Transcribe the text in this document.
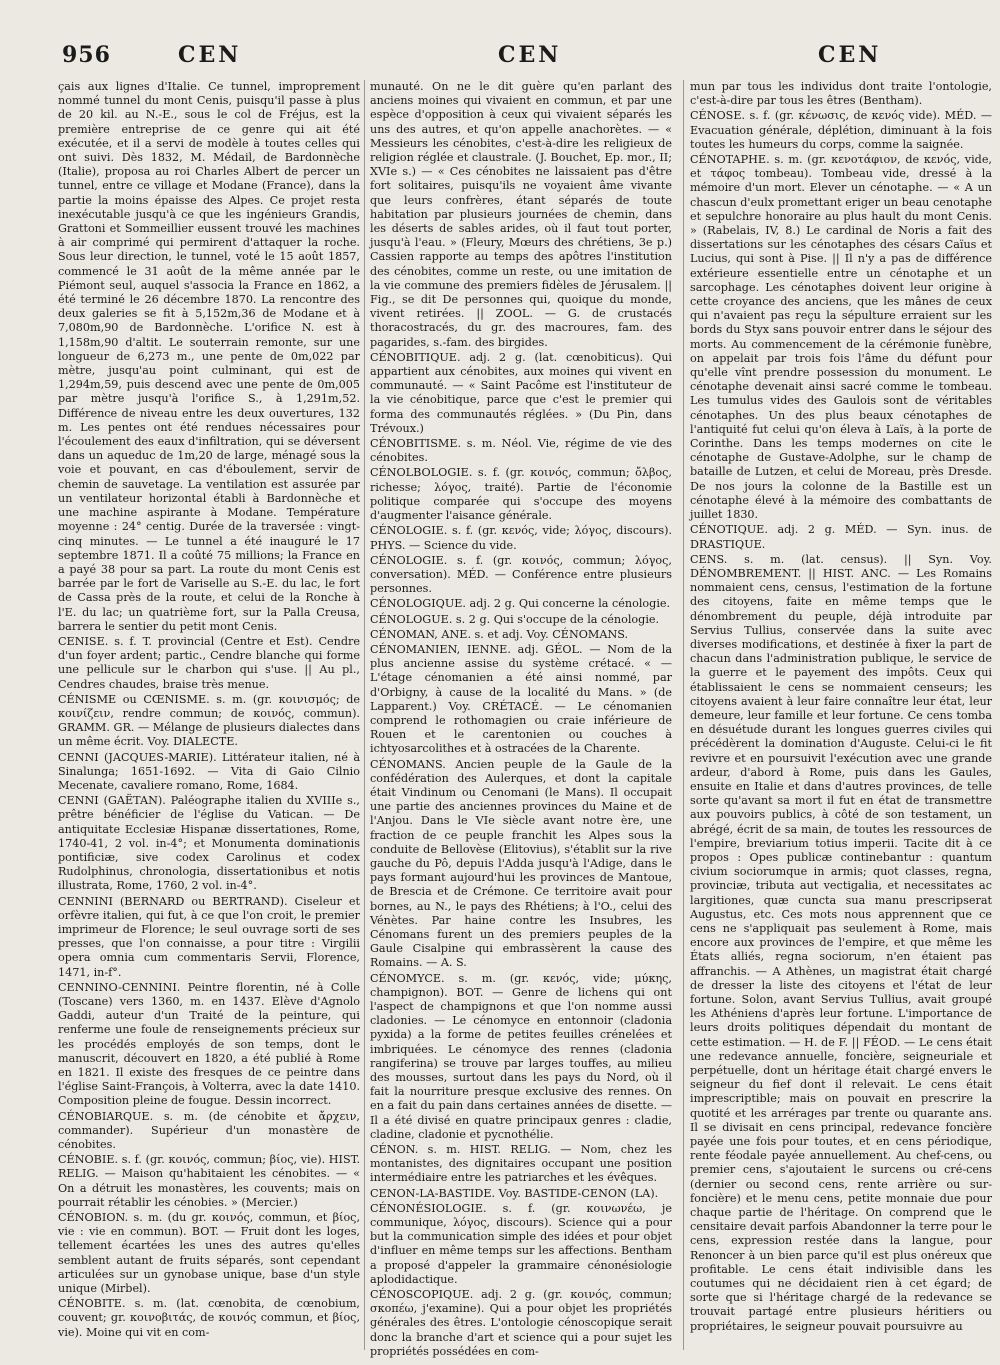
956	CEN	CEN	CEN

çais aux lignes d'Italie. Ce tunnel, improprement nommé tunnel du mont Cenis, puisqu'il passe à plus de 20 kil. au N.-E., sous le col de Fréjus, est la première entreprise de ce genre qui ait été exécutée, et il a servi de modèle à toutes celles qui ont suivi. Dès 1832, M. Médail, de Bardonnèche (Italie), proposa au roi Charles Albert de percer un tunnel, entre ce village et Modane (France), dans la partie la moins épaisse des Alpes. Ce projet resta inexécutable jusqu'à ce que les ingénieurs Grandis, Grattoni et Sommeillier eussent trouvé les machines à air comprimé qui permirent d'attaquer la roche. Sous leur direction, le tunnel, voté le 15 août 1857, commencé le 31 août de la même année par le Piémont seul, auquel s'associa la France en 1862, a été terminé le 26 décembre 1870. La rencontre des deux galeries se fit à 5,152m,36 de Modane et à 7,080m,90 de Bardonnèche. L'orifice N. est à 1,158m,90 d'altit. Le souterrain remonte, sur une longueur de 6,273 m., une pente de 0m,022 par mètre, jusqu'au point culminant, qui est de 1,294m,59, puis descend avec une pente de 0m,005 par mètre jusqu'à l'orifice S., à 1,291m,52. Différence de niveau entre les deux ouvertures, 132 m. Les pentes ont été rendues nécessaires pour l'écoulement des eaux d'infiltration, qui se déversent dans un aqueduc de 1m,20 de large, ménagé sous la voie et pouvant, en cas d'éboulement, servir de chemin de sauvetage. La ventilation est assurée par un ventilateur horizontal établi à Bardonnèche et une machine aspirante à Modane. Température moyenne : 24° centig. Durée de la traversée : vingt-cinq minutes. — Le tunnel a été inauguré le 17 septembre 1871. Il a coûté 75 millions; la France en a payé 38 pour sa part. La route du mont Cenis est barrée par le fort de Variselle au S.-E. du lac, le fort de Cassa près de la route, et celui de la Ronche à l'E. du lac; un quatrième fort, sur la Palla Creusa, barrera le sentier du petit mont Cenis.

CENISE. s. f. T. provincial (Centre et Est). Cendre d'un foyer ardent; partic., Cendre blanche qui forme une pellicule sur le charbon qui s'use. || Au pl., Cendres chaudes, braise très menue.

CÉNISME ou CŒNISME. s. m. (gr. κοινισμός; de κοινίζειν, rendre commun; de κοινός, commun). GRAMM. GR. — Mélange de plusieurs dialectes dans un même écrit. Voy. DIALECTE.

CENNI (JACQUES-MARIE). Littérateur italien, né à Sinalunga; 1651-1692. — Vita di Gaio Cilnio Mecenate, cavaliere romano, Rome, 1684.

CENNI (GAËTAN). Paléographe italien du XVIIIe s., prêtre bénéficier de l'église du Vatican. — De antiquitate Ecclesiæ Hispanæ dissertationes, Rome, 1740-41, 2 vol. in-4°; et Monumenta dominationis pontificiæ, sive codex Carolinus et codex Rudolphinus, chronologia, dissertationibus et notis illustrata, Rome, 1760, 2 vol. in-4°.

CENNINI (BERNARD ou BERTRAND). Ciseleur et orfèvre italien, qui fut, à ce que l'on croit, le premier imprimeur de Florence; le seul ouvrage sorti de ses presses, que l'on connaisse, a pour titre : Virgilii opera omnia cum commentaris Servii, Florence, 1471, in-f°.

CENNINO-CENNINI. Peintre florentin, né à Colle (Toscane) vers 1360, m. en 1437. Elève d'Agnolo Gaddi, auteur d'un Traité de la peinture, qui renferme une foule de renseignements précieux sur les procédés employés de son temps, dont le manuscrit, découvert en 1820, a été publié à Rome en 1821. Il existe des fresques de ce peintre dans l'église Saint-François, à Volterra, avec la date 1410. Composition pleine de fougue. Dessin incorrect.

CÉNOBIARQUE. s. m. (de cénobite et ἄρχειν, commander). Supérieur d'un monastère de cénobites.

CÉNOBIE. s. f. (gr. κοινός, commun; βίος, vie). HIST. RELIG. — Maison qu'habitaient les cénobites. — « On a détruit les monastères, les couvents; mais on pourrait rétablir les cénobies. » (Mercier.)

CÉNOBION. s. m. (du gr. κοινός, commun, et βίος, vie : vie en commun). BOT. — Fruit dont les loges, tellement écartées les unes des autres qu'elles semblent autant de fruits séparés, sont cependant articulées sur un gynobase unique, base d'un style unique (Mirbel).

CÉNOBITE. s. m. (lat. cœnobita, de cœnobium, couvent; gr. κοινοβιτάς, de κοινός commun, et βίος, vie). Moine qui vit en com-

munauté. On ne le dit guère qu'en parlant des anciens moines qui vivaient en commun, et par une espèce d'opposition à ceux qui vivaient séparés les uns des autres, et qu'on appelle anachorètes. — « Messieurs les cénobites, c'est-à-dire les religieux de religion réglée et claustrale. (J. Bouchet, Ep. mor., II; XVIe s.) — « Ces cénobites ne laissaient pas d'être fort solitaires, puisqu'ils ne voyaient âme vivante que leurs confrères, étant séparés de toute habitation par plusieurs journées de chemin, dans les déserts de sables arides, où il faut tout porter, jusqu'à l'eau. » (Fleury, Mœurs des chrétiens, 3e p.) Cassien rapporte au temps des apôtres l'institution des cénobites, comme un reste, ou une imitation de la vie commune des premiers fidèles de Jérusalem. || Fig., se dit De personnes qui, quoique du monde, vivent retirées. || ZOOL. — G. de crustacés thoracostracés, du gr. des macroures, fam. des pagarides, s.-fam. des birgides.

CÉNOBITIQUE. adj. 2 g. (lat. cœnobiticus). Qui appartient aux cénobites, aux moines qui vivent en communauté. — « Saint Pacôme est l'instituteur de la vie cénobitique, parce que c'est le premier qui forma des communautés réglées. » (Du Pin, dans Trévoux.)

CÉNOBITISME. s. m. Néol. Vie, régime de vie des cénobites.

CÉNOLBOLOGIE. s. f. (gr. κοινός, commun; ὄλβος, richesse; λόγος, traité). Partie de l'économie politique comparée qui s'occupe des moyens d'augmenter l'aisance générale.

CÉNOLOGIE. s. f. (gr. κενός, vide; λόγος, discours). PHYS. — Science du vide.

CÉNOLOGIE. s. f. (gr. κοινός, commun; λόγος, conversation). MÉD. — Conférence entre plusieurs personnes.

CÉNOLOGIQUE. adj. 2 g. Qui concerne la cénologie.

CÉNOLOGUE. s. 2 g. Qui s'occupe de la cénologie.

CÉNOMAN, ANE. s. et adj. Voy. CÉNOMANS.

CÉNOMANIEN, IENNE. adj. GÉOL. — Nom de la plus ancienne assise du système crétacé. « — L'étage cénomanien a été ainsi nommé, par d'Orbigny, à cause de la localité du Mans. » (de Lapparent.) Voy. CRÉTACÉ. — Le cénomanien comprend le rothomagien ou craie inférieure de Rouen et le carentonien ou couches à ichtyosarcolithes et à ostracées de la Charente.

CÉNOMANS. Ancien peuple de la Gaule de la confédération des Aulerques, et dont la capitale était Vindinum ou Cenomani (le Mans). Il occupait une partie des anciennes provinces du Maine et de l'Anjou. Dans le VIe siècle avant notre ère, une fraction de ce peuple franchit les Alpes sous la conduite de Bellovèse (Elitovius), s'établit sur la rive gauche du Pô, depuis l'Adda jusqu'à l'Adige, dans le pays formant aujourd'hui les provinces de Mantoue, de Brescia et de Crémone. Ce territoire avait pour bornes, au N., le pays des Rhétiens; à l'O., celui des Vénètes. Par haine contre les Insubres, les Cénomans furent un des premiers peuples de la Gaule Cisalpine qui embrassèrent la cause des Romains. — A. S.

CÉNOMYCE. s. m. (gr. κενός, vide; μύκης, champignon). BOT. — Genre de lichens qui ont l'aspect de champignons et que l'on nomme aussi cladonies. — Le cénomyce en entonnoir (cladonia pyxida) a la forme de petites feuilles crénelées et imbriquées. Le cénomyce des rennes (cladonia rangiferina) se trouve par larges touffes, au milieu des mousses, surtout dans les pays du Nord, où il fait la nourriture presque exclusive des rennes. On en a fait du pain dans certaines années de disette. — Il a été divisé en quatre principaux genres : cladie, cladine, cladonie et pycnothélie.

CÉNON. s. m. HIST. RELIG. — Nom, chez les montanistes, des dignitaires occupant une position intermédiaire entre les patriarches et les évêques.

CENON-LA-BASTIDE. Voy. BASTIDE-CENON (LA).

CÉNONÉSIOLOGIE. s. f. (gr. κοινωνέω, je communique, λόγος, discours). Science qui a pour but la communication simple des idées et pour objet d'influer en même temps sur les affections. Bentham a proposé d'appeler la grammaire cénonésiologie aplodidactique.

CÉNOSCOPIQUE. adj. 2 g. (gr. κοινός, commun; σκοπέω, j'examine). Qui a pour objet les propriétés générales des êtres. L'ontologie cénoscopique serait donc la branche d'art et science qui a pour sujet les propriétés possédées en com-

mun par tous les individus dont traite l'ontologie, c'est-à-dire par tous les êtres (Bentham).

CÉNOSE. s. f. (gr. κένωσις, de κενός vide). MÉD. — Evacuation générale, déplétion, diminuant à la fois toutes les humeurs du corps, comme la saignée.

CÉNOTAPHE. s. m. (gr. κενοτάφιον, de κενός, vide, et τάφος tombeau). Tombeau vide, dressé à la mémoire d'un mort. Elever un cénotaphe. — « A un chascun d'eulx promettant eriger un beau cenotaphe et sepulchre honoraire au plus hault du mont Cenis. » (Rabelais, IV, 8.) Le cardinal de Noris a fait des dissertations sur les cénotaphes des césars Caïus et Lucius, qui sont à Pise. || Il n'y a pas de différence extérieure essentielle entre un cénotaphe et un sarcophage. Les cénotaphes doivent leur origine à cette croyance des anciens, que les mânes de ceux qui n'avaient pas reçu la sépulture erraient sur les bords du Styx sans pouvoir entrer dans le séjour des morts. Au commencement de la cérémonie funèbre, on appelait par trois fois l'âme du défunt pour qu'elle vînt prendre possession du monument. Le cénotaphe devenait ainsi sacré comme le tombeau. Les tumulus vides des Gaulois sont de véritables cénotaphes. Un des plus beaux cénotaphes de l'antiquité fut celui qu'on éleva à Laïs, à la porte de Corinthe. Dans les temps modernes on cite le cénotaphe de Gustave-Adolphe, sur le champ de bataille de Lutzen, et celui de Moreau, près Dresde. De nos jours la colonne de la Bastille est un cénotaphe élevé à la mémoire des combattants de juillet 1830.

CÉNOTIQUE. adj. 2 g. MÉD. — Syn. inus. de DRASTIQUE.

CENS. s. m. (lat. census). || Syn. Voy. DÉNOMBREMENT. || HIST. ANC. — Les Romains nommaient cens, census, l'estimation de la fortune des citoyens, faite en même temps que le dénombrement du peuple, déjà introduite par Servius Tullius, conservée dans la suite avec diverses modifications, et destinée à fixer la part de chacun dans l'administration publique, le service de la guerre et le payement des impôts. Ceux qui établissaient le cens se nommaient censeurs; les citoyens avaient à leur faire connaître leur état, leur demeure, leur famille et leur fortune. Ce cens tomba en désuétude durant les longues guerres civiles qui précédèrent la domination d'Auguste. Celui-ci le fit revivre et en poursuivit l'exécution avec une grande ardeur, d'abord à Rome, puis dans les Gaules, ensuite en Italie et dans d'autres provinces, de telle sorte qu'avant sa mort il fut en état de transmettre aux pouvoirs publics, à côté de son testament, un abrégé, écrit de sa main, de toutes les ressources de l'empire, breviarium totius imperii. Tacite dit à ce propos : Opes publicæ continebantur : quantum civium sociorumque in armis; quot classes, regna, provinciæ, tributa aut vectigalia, et necessitates ac largitiones, quæ cuncta sua manu prescripserat Augustus, etc. Ces mots nous apprennent que ce cens ne s'appliquait pas seulement à Rome, mais encore aux provinces de l'empire, et que même les États alliés, regna sociorum, n'en étaient pas affranchis. — A Athènes, un magistrat était chargé de dresser la liste des citoyens et l'état de leur fortune. Solon, avant Servius Tullius, avait groupé les Athéniens d'après leur fortune. L'importance de leurs droits politiques dépendait du montant de cette estimation. — H. de F. || FÉOD. — Le cens était une redevance annuelle, foncière, seigneuriale et perpétuelle, dont un héritage était chargé envers le seigneur du fief dont il relevait. Le cens était imprescriptible; mais on pouvait en prescrire la quotité et les arrérages par trente ou quarante ans. Il se divisait en cens principal, redevance foncière payée une fois pour toutes, et en cens périodique, rente féodale payée annuellement. Au chef-cens, ou premier cens, s'ajoutaient le surcens ou cré-cens (dernier ou second cens, rente arrière ou sur-foncière) et le menu cens, petite monnaie due pour chaque partie de l'héritage. On comprend que le censitaire devait parfois Abandonner la terre pour le cens, expression restée dans la langue, pour Renoncer à un bien parce qu'il est plus onéreux que profitable. Le cens était indivisible dans les coutumes qui ne décidaient rien à cet égard; de sorte que si l'héritage chargé de la redevance se trouvait partagé entre plusieurs héritiers ou propriétaires, le seigneur pouvait poursuivre au
